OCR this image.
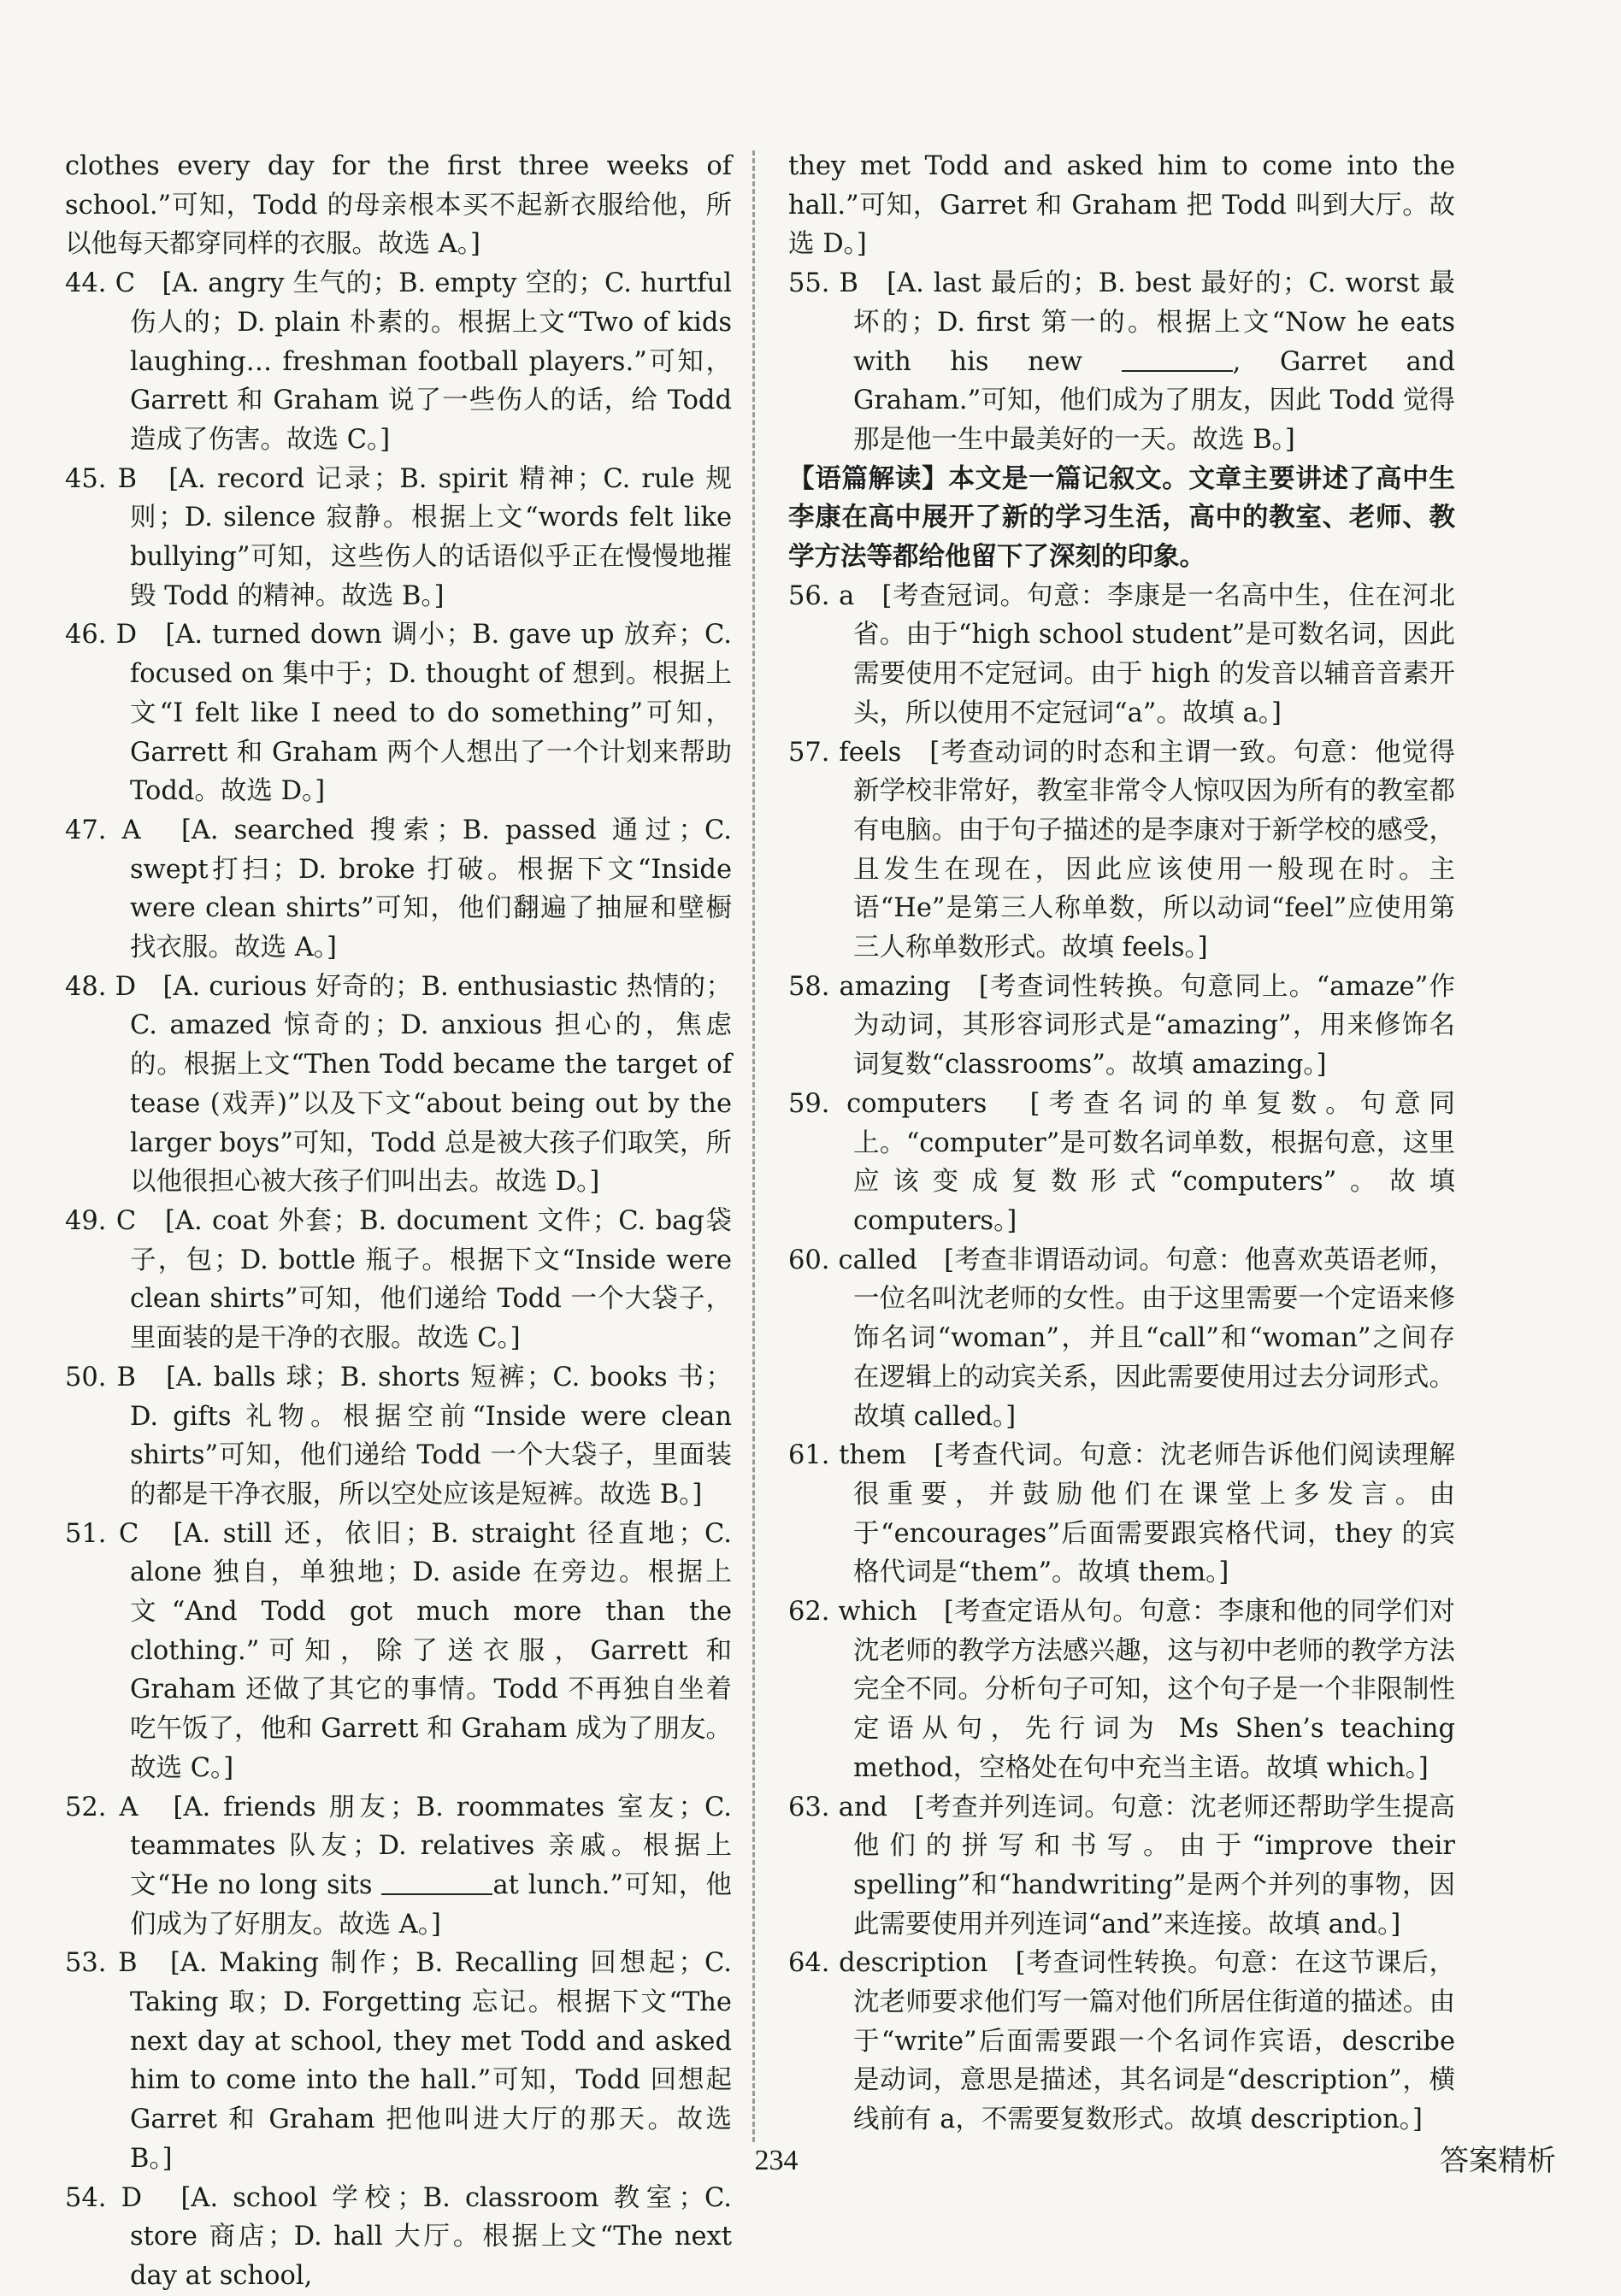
clothes every day for the first three weeks of school.”可知，Todd 的母亲根本买不起新衣服给他，所以他每天都穿同样的衣服。故选 A。]

44. C　[A. angry 生气的；B. empty 空的；C. hurtful 伤人的；D. plain 朴素的。根据上文“Two of kids laughing… freshman football players.”可知，Garrett 和 Graham 说了一些伤人的话，给 Todd 造成了伤害。故选 C。]

45. B　[A. record 记录；B. spirit 精神；C. rule 规则；D. silence 寂静。根据上文“words felt like bullying”可知，这些伤人的话语似乎正在慢慢地摧毁 Todd 的精神。故选 B。]

46. D　[A. turned down 调小；B. gave up 放弃；C. focused on 集中于；D. thought of 想到。根据上文“I felt like I need to do something”可知，Garrett 和 Graham 两个人想出了一个计划来帮助 Todd。故选 D。]

47. A　[A. searched 搜索；B. passed 通过；C. swept打扫；D. broke 打破。根据下文“Inside were clean shirts”可知，他们翻遍了抽屉和壁橱找衣服。故选 A。]

48. D　[A. curious 好奇的；B. enthusiastic 热情的；C. amazed 惊奇的；D. anxious 担心的，焦虑的。根据上文“Then Todd became the target of tease (戏弄)”以及下文“about being out by the larger boys”可知，Todd 总是被大孩子们取笑，所以他很担心被大孩子们叫出去。故选 D。]

49. C　[A. coat 外套；B. document 文件；C. bag袋子，包；D. bottle 瓶子。根据下文“Inside were clean shirts”可知，他们递给 Todd 一个大袋子，里面装的是干净的衣服。故选 C。]

50. B　[A. balls 球；B. shorts 短裤；C. books 书；D. gifts 礼物。根据空前“Inside were clean shirts”可知，他们递给 Todd 一个大袋子，里面装的都是干净衣服，所以空处应该是短裤。故选 B。]

51. C　[A. still 还，依旧；B. straight 径直地；C. alone 独自，单独地；D. aside 在旁边。根据上文“And Todd got much more than the clothing.”可知，除了送衣服，Garrett 和 Graham 还做了其它的事情。Todd 不再独自坐着吃午饭了，他和 Garrett 和 Graham 成为了朋友。故选 C。]

52. A　[A. friends 朋友；B. roommates 室友；C. teammates 队友；D. relatives 亲戚。根据上文“He no long sits	at lunch.”可知，他们成为了好朋友。故选 A。]

53. B　[A. Making 制作；B. Recalling 回想起；C. Taking 取；D. Forgetting 忘记。根据下文“The next day at school, they met Todd and asked him to come into the hall.”可知，Todd 回想起 Garret 和 Graham 把他叫进大厅的那天。故选 B。]

54. D　[A. school 学校；B. classroom 教室；C. store 商店；D. hall 大厅。根据上文“The next day at school,

they met Todd and asked him to come into the hall.”可知，Garret 和 Graham 把 Todd 叫到大厅。故选 D。]

55. B　[A. last 最后的；B. best 最好的；C. worst 最坏的；D. first 第一的。根据上文“Now he eats with his new	, Garret and Graham.”可知，他们成为了朋友，因此 Todd 觉得那是他一生中最美好的一天。故选 B。]

【语篇解读】本文是一篇记叙文。文章主要讲述了高中生李康在高中展开了新的学习生活，高中的教室、老师、教学方法等都给他留下了深刻的印象。

56. a　[考查冠词。句意：李康是一名高中生，住在河北省。由于“high school student”是可数名词，因此需要使用不定冠词。由于 high 的发音以辅音音素开头，所以使用不定冠词“a”。故填 a。]

57. feels　[考查动词的时态和主谓一致。句意：他觉得新学校非常好，教室非常令人惊叹因为所有的教室都有电脑。由于句子描述的是李康对于新学校的感受，且发生在现在，因此应该使用一般现在时。主语“He”是第三人称单数，所以动词“feel”应使用第三人称单数形式。故填 feels。]

58. amazing　[考查词性转换。句意同上。“amaze”作为动词，其形容词形式是“amazing”，用来修饰名词复数“classrooms”。故填 amazing。]

59. computers　[考查名词的单复数。句意同上。“computer”是可数名词单数，根据句意，这里应该变成复数形式“computers”。故填 computers。]

60. called　[考查非谓语动词。句意：他喜欢英语老师，一位名叫沈老师的女性。由于这里需要一个定语来修饰名词“woman”，并且“call”和“woman”之间存在逻辑上的动宾关系，因此需要使用过去分词形式。故填 called。]

61. them　[考查代词。句意：沈老师告诉他们阅读理解很重要，并鼓励他们在课堂上多发言。由于“encourages”后面需要跟宾格代词，they 的宾格代词是“them”。故填 them。]

62. which　[考查定语从句。句意：李康和他的同学们对沈老师的教学方法感兴趣，这与初中老师的教学方法完全不同。分析句子可知，这个句子是一个非限制性定语从句，先行词为 Ms Shen’s teaching method，空格处在句中充当主语。故填 which。]

63. and　[考查并列连词。句意：沈老师还帮助学生提高他们的拼写和书写。由于“improve their spelling”和“handwriting”是两个并列的事物，因此需要使用并列连词“and”来连接。故填 and。]

64. description　[考查词性转换。句意：在这节课后，沈老师要求他们写一篇对他们所居住街道的描述。由于“write”后面需要跟一个名词作宾语，describe 是动词，意思是描述，其名词是“description”，横线前有 a，不需要复数形式。故填 description。]

234	答案精析
